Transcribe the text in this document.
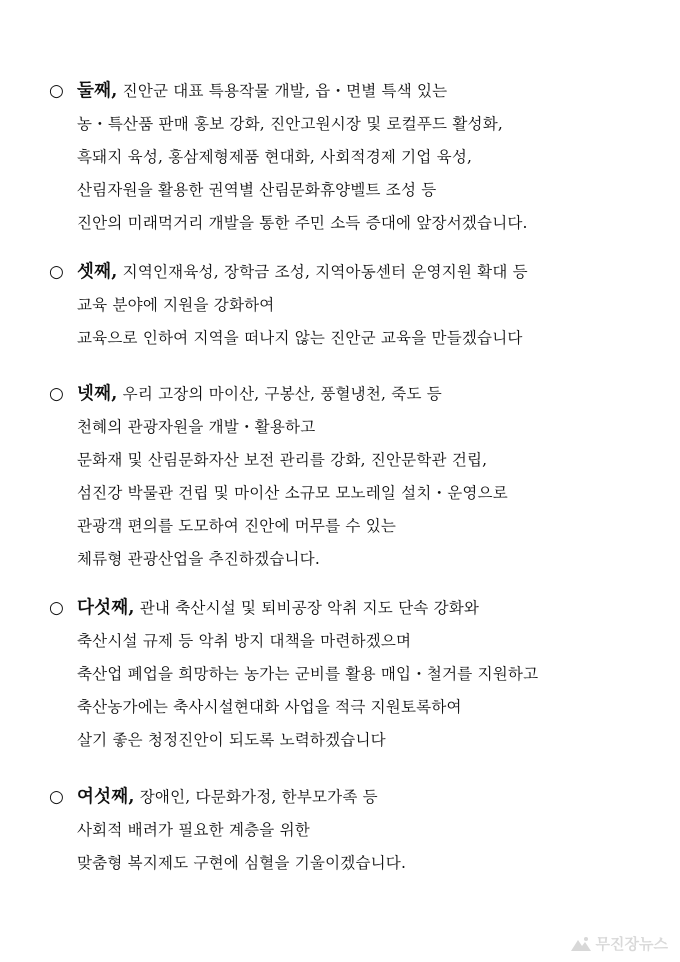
○ 둘째, 진안군 대표 특용작물 개발, 읍・면별 특색 있는
농・특산품 판매 홍보 강화, 진안고원시장 및 로컬푸드 활성화,
흑돼지 육성, 홍삼제형제품 현대화, 사회적경제 기업 육성,
산림자원을 활용한 권역별 산림문화휴양벨트 조성 등
진안의 미래먹거리 개발을 통한 주민 소득 증대에 앞장서겠습니다.
○ 셋째, 지역인재육성, 장학금 조성, 지역아동센터 운영지원 확대 등
교육 분야에 지원을 강화하여
교육으로 인하여 지역을 떠나지 않는 진안군 교육을 만들겠습니다
○ 넷째, 우리 고장의 마이산, 구봉산, 풍혈냉천, 죽도 등
천혜의 관광자원을 개발・활용하고
문화재 및 산림문화자산 보전 관리를 강화, 진안문학관 건립,
섬진강 박물관 건립 및 마이산 소규모 모노레일 설치・운영으로
관광객 편의를 도모하여 진안에 머무를 수 있는
체류형 관광산업을 추진하겠습니다.
○ 다섯째, 관내 축산시설 및 퇴비공장 악취 지도 단속 강화와
축산시설 규제 등 악취 방지 대책을 마련하겠으며
축산업 폐업을 희망하는 농가는 군비를 활용 매입・철거를 지원하고
축산농가에는 축사시설현대화 사업을 적극 지원토록하여
살기 좋은 청정진안이 되도록 노력하겠습니다
○ 여섯째, 장애인, 다문화가정, 한부모가족 등
사회적 배려가 필요한 계층을 위한
맞춤형 복지제도 구현에 심혈을 기울이겠습니다.
무진장뉴스
